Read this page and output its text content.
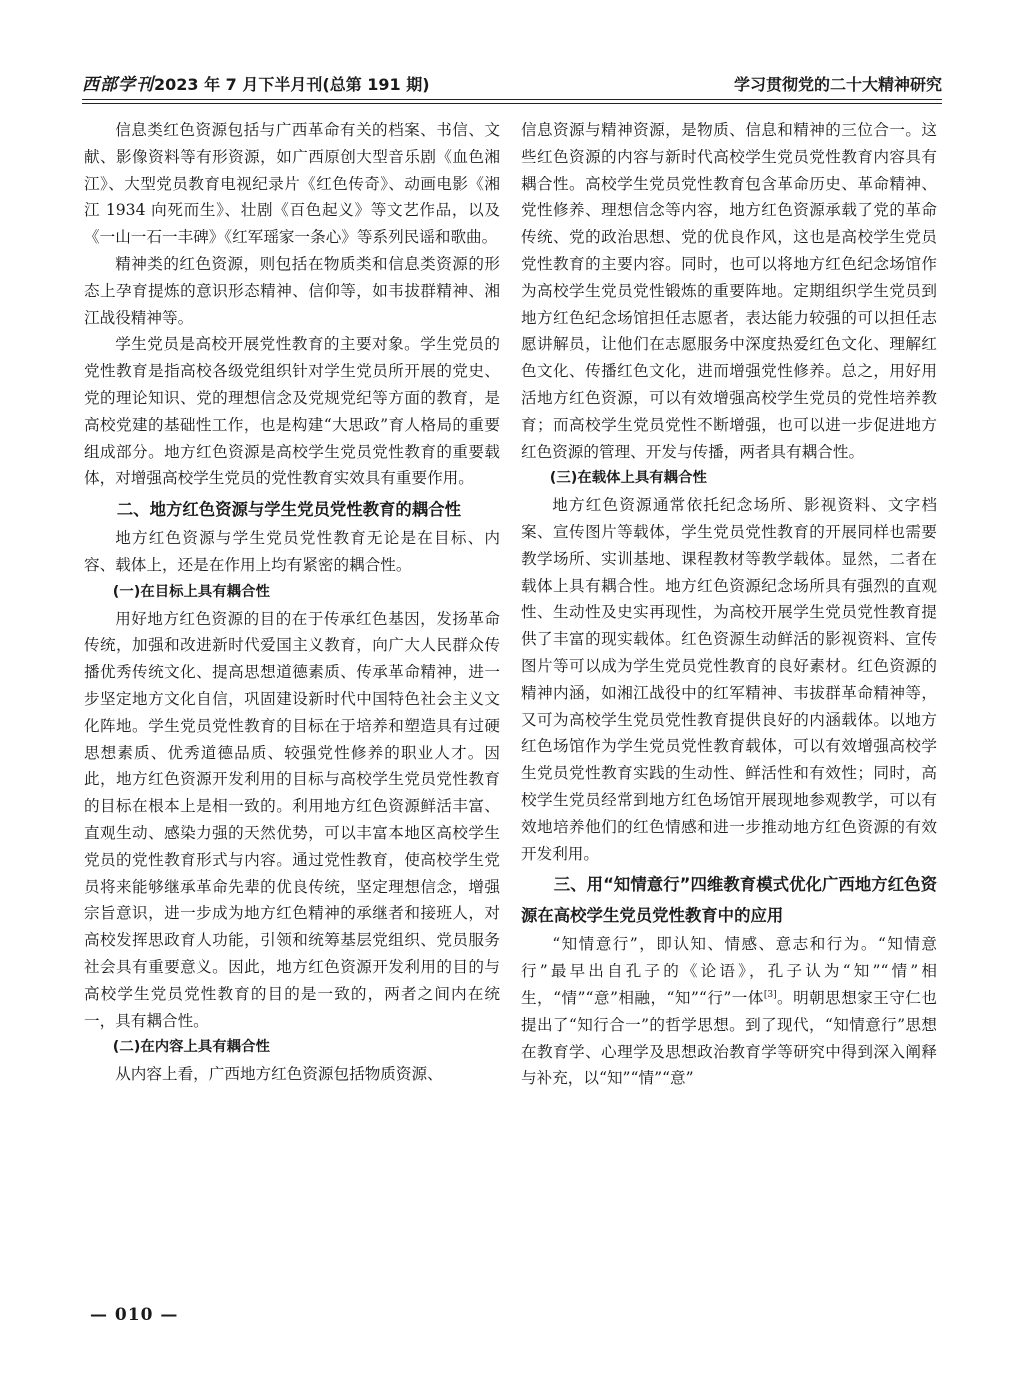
西部学刊2023 年 7 月下半月刊(总第 191 期)	学习贯彻党的二十大精神研究

信息类红色资源包括与广西革命有关的档案、书信、文献、影像资料等有形资源，如广西原创大型音乐剧《血色湘江》、大型党员教育电视纪录片《红色传奇》、动画电影《湘江 1934 向死而生》、壮剧《百色起义》等文艺作品，以及《一山一石一丰碑》《红军瑶家一条心》等系列民谣和歌曲。

精神类的红色资源，则包括在物质类和信息类资源的形态上孕育提炼的意识形态精神、信仰等，如韦拔群精神、湘江战役精神等。

学生党员是高校开展党性教育的主要对象。学生党员的党性教育是指高校各级党组织针对学生党员所开展的党史、党的理论知识、党的理想信念及党规党纪等方面的教育，是高校党建的基础性工作，也是构建“大思政”育人格局的重要组成部分。地方红色资源是高校学生党员党性教育的重要载体，对增强高校学生党员的党性教育实效具有重要作用。

二、地方红色资源与学生党员党性教育的耦合性

地方红色资源与学生党员党性教育无论是在目标、内容、载体上，还是在作用上均有紧密的耦合性。

(一)在目标上具有耦合性

用好地方红色资源的目的在于传承红色基因，发扬革命传统，加强和改进新时代爱国主义教育，向广大人民群众传播优秀传统文化、提高思想道德素质、传承革命精神，进一步坚定地方文化自信，巩固建设新时代中国特色社会主义文化阵地。学生党员党性教育的目标在于培养和塑造具有过硬思想素质、优秀道德品质、较强党性修养的职业人才。因此，地方红色资源开发利用的目标与高校学生党员党性教育的目标在根本上是相一致的。利用地方红色资源鲜活丰富、直观生动、感染力强的天然优势，可以丰富本地区高校学生党员的党性教育形式与内容。通过党性教育，使高校学生党员将来能够继承革命先辈的优良传统，坚定理想信念，增强宗旨意识，进一步成为地方红色精神的承继者和接班人，对高校发挥思政育人功能，引领和统筹基层党组织、党员服务社会具有重要意义。因此，地方红色资源开发利用的目的与高校学生党员党性教育的目的是一致的，两者之间内在统一，具有耦合性。

(二)在内容上具有耦合性

从内容上看，广西地方红色资源包括物质资源、

信息资源与精神资源，是物质、信息和精神的三位合一。这些红色资源的内容与新时代高校学生党员党性教育内容具有耦合性。高校学生党员党性教育包含革命历史、革命精神、党性修养、理想信念等内容，地方红色资源承载了党的革命传统、党的政治思想、党的优良作风，这也是高校学生党员党性教育的主要内容。同时，也可以将地方红色纪念场馆作为高校学生党员党性锻炼的重要阵地。定期组织学生党员到地方红色纪念场馆担任志愿者，表达能力较强的可以担任志愿讲解员，让他们在志愿服务中深度热爱红色文化、理解红色文化、传播红色文化，进而增强党性修养。总之，用好用活地方红色资源，可以有效增强高校学生党员的党性培养教育；而高校学生党员党性不断增强，也可以进一步促进地方红色资源的管理、开发与传播，两者具有耦合性。

(三)在载体上具有耦合性

地方红色资源通常依托纪念场所、影视资料、文字档案、宣传图片等载体，学生党员党性教育的开展同样也需要教学场所、实训基地、课程教材等教学载体。显然，二者在载体上具有耦合性。地方红色资源纪念场所具有强烈的直观性、生动性及史实再现性，为高校开展学生党员党性教育提供了丰富的现实载体。红色资源生动鲜活的影视资料、宣传图片等可以成为学生党员党性教育的良好素材。红色资源的精神内涵，如湘江战役中的红军精神、韦拔群革命精神等，又可为高校学生党员党性教育提供良好的内涵载体。以地方红色场馆作为学生党员党性教育载体，可以有效增强高校学生党员党性教育实践的生动性、鲜活性和有效性；同时，高校学生党员经常到地方红色场馆开展现地参观教学，可以有效地培养他们的红色情感和进一步推动地方红色资源的有效开发利用。

三、用“知情意行”四维教育模式优化广西地方红色资源在高校学生党员党性教育中的应用

“知情意行”，即认知、情感、意志和行为。“知情意行”最早出自孔子的《论语》，孔子认为“知”“情”相生，“情”“意”相融，“知”“行”一体[3]。明朝思想家王守仁也提出了“知行合一”的哲学思想。到了现代，“知情意行”思想在教育学、心理学及思想政治教育学等研究中得到深入阐释与补充，以“知”“情”“意”

— 010 —
